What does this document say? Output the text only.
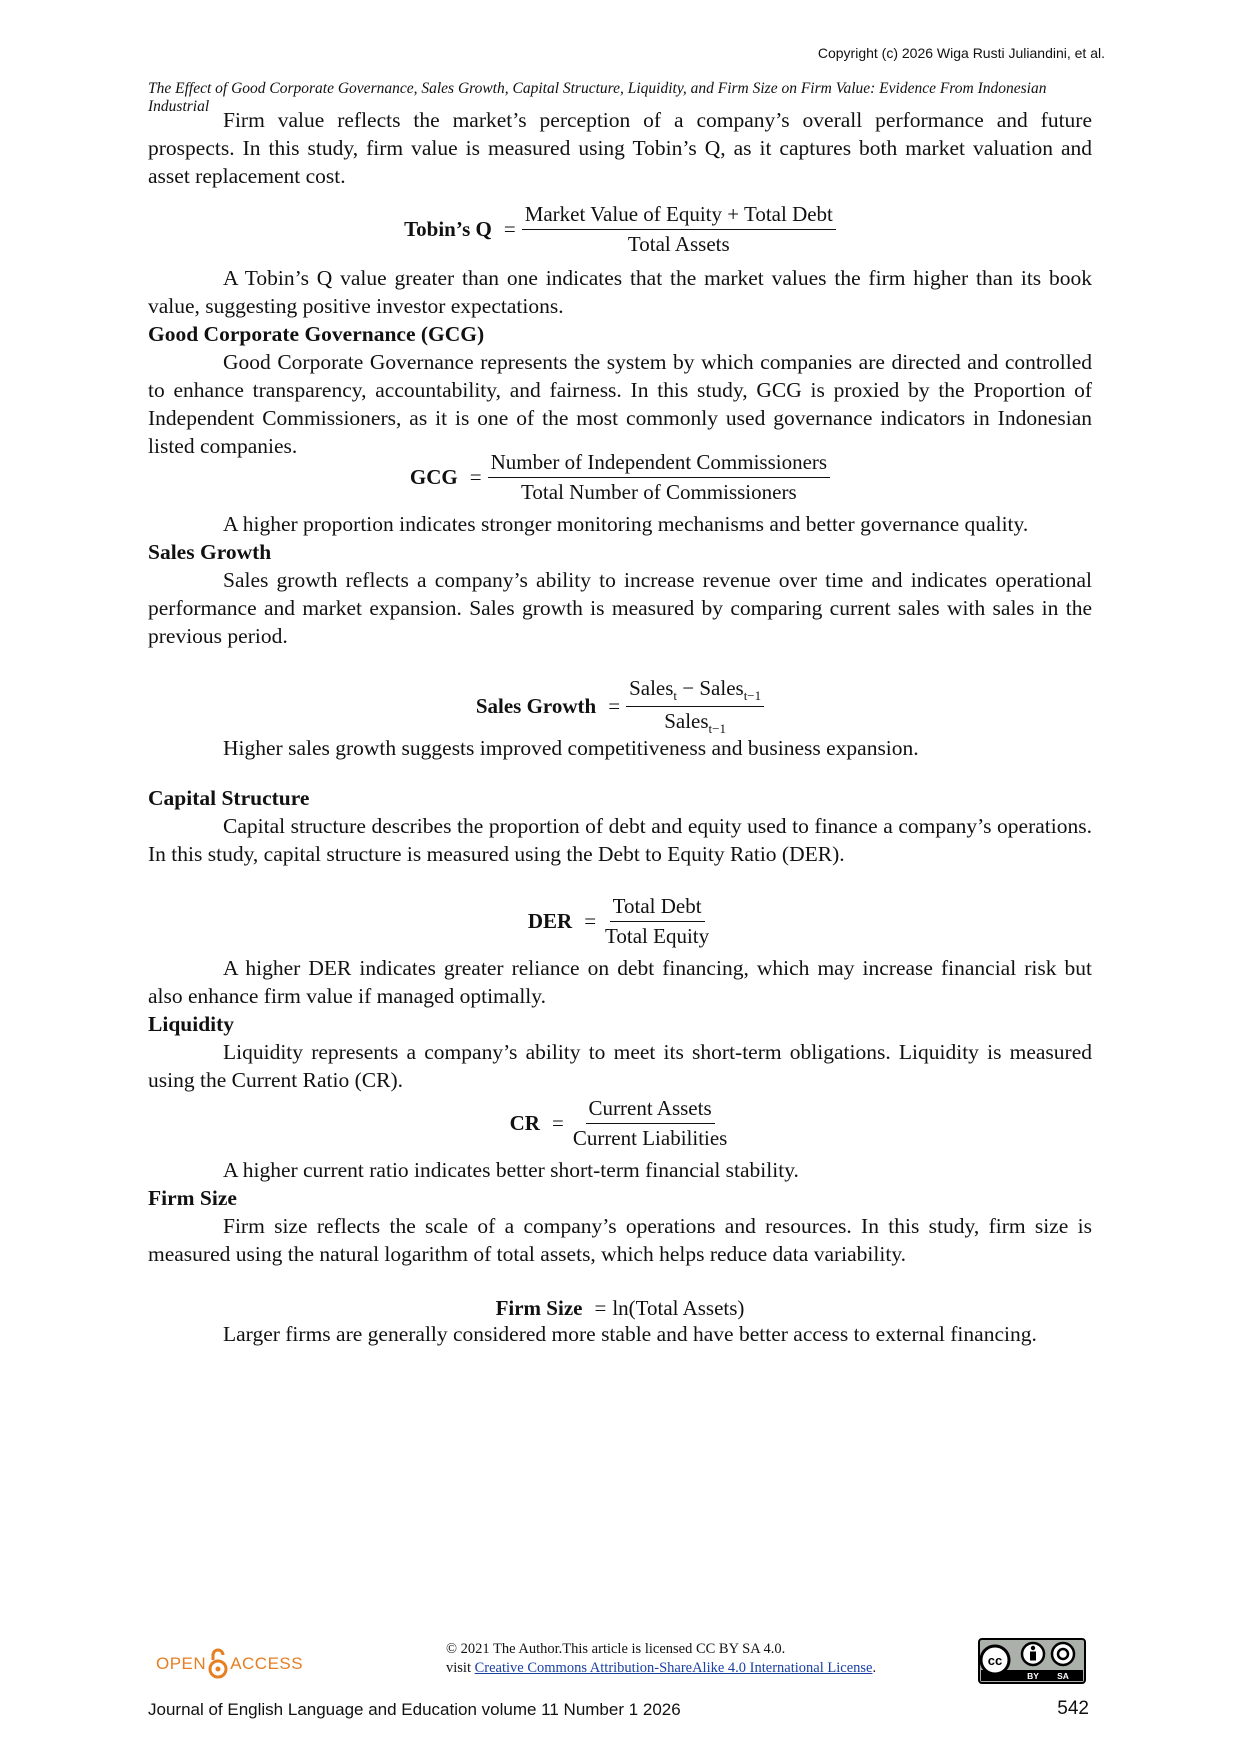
Copyright (c) 2026 Wiga Rusti Juliandini, et al.
The Effect of Good Corporate Governance, Sales Growth, Capital Structure, Liquidity, and Firm Size on Firm Value: Evidence From Indonesian Industrial

Firm value reflects the market’s perception of a company’s overall performance and future prospects. In this study, firm value is measured using Tobin’s Q, as it captures both market valuation and asset replacement cost.

Tobin’s $Q = \frac{\text{Market Value of Equity + Total Debt}}{\text{Total Assets}}$

A Tobin’s Q value greater than one indicates that the market values the firm higher than its book value, suggesting positive investor expectations.

Good Corporate Governance (GCG)

Good Corporate Governance represents the system by which companies are directed and controlled to enhance transparency, accountability, and fairness. In this study, GCG is proxied by the Proportion of Independent Commissioners, as it is one of the most commonly used governance indicators in Indonesian listed companies.

GCG = $\frac{\text{Number of Independent Commissioners}}{\text{Total Number of Commissioners}}$

A higher proportion indicates stronger monitoring mechanisms and better governance quality.

Sales Growth

Sales growth reflects a company’s ability to increase revenue over time and indicates operational performance and market expansion. Sales growth is measured by comparing current sales with sales in the previous period.

Sales Growth = $\frac{Sales_t - Sales_{t-1}}{Sales_{t-1}}$

Higher sales growth suggests improved competitiveness and business expansion.

Capital Structure

Capital structure describes the proportion of debt and equity used to finance a company’s operations. In this study, capital structure is measured using the Debt to Equity Ratio (DER).

DER = $\frac{\text{Total Debt}}{\text{Total Equity}}$

A higher DER indicates greater reliance on debt financing, which may increase financial risk but also enhance firm value if managed optimally.

Liquidity

Liquidity represents a company’s ability to meet its short-term obligations. Liquidity is measured using the Current Ratio (CR).

CR = $\frac{\text{Current Assets}}{\text{Current Liabilities}}$

A higher current ratio indicates better short-term financial stability.

Firm Size

Firm size reflects the scale of a company’s operations and resources. In this study, firm size is measured using the natural logarithm of total assets, which helps reduce data variability.

Firm Size = ln(Total Assets)

Larger firms are generally considered more stable and have better access to external financing.

OPEN ACCESS
© 2021 The Author.This article is licensed CC BY SA 4.0.
visit Creative Commons Attribution-ShareAlike 4.0 International License.	cc
BY SA
Journal of English Language and Education volume 11 Number 1 2026	542
